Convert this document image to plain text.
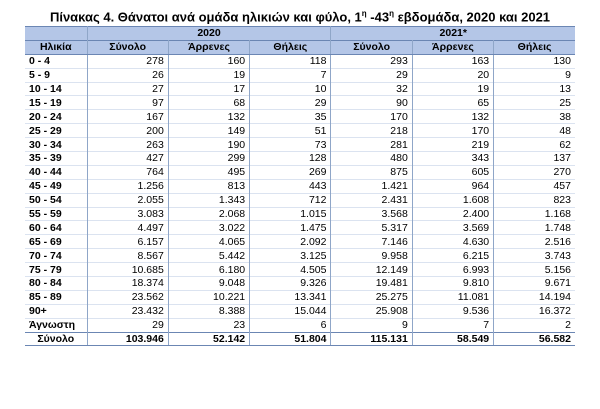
Πίνακας 4. Θάνατοι ανά ομάδα ηλικιών και φύλο, $1^\eta$ $-43^\eta$ εβδομάδα, 2020 και 2021
	2020			2021*		
Ηλικία	Σύνολο	Άρρενες	Θήλεις	Σύνολο	Άρρενες	Θήλεις
0 - 4	278	160	118	293	163	130
5 - 9	26	19	7	29	20	9
10 - 14	27	17	10	32	19	13
15 - 19	97	68	29	90	65	25
20 - 24	167	132	35	170	132	38
25 - 29	200	149	51	218	170	48
30 - 34	263	190	73	281	219	62
35 - 39	427	299	128	480	343	137
40 - 44	764	495	269	875	605	270
45 - 49	1.256	813	443	1.421	964	457
50 - 54	2.055	1.343	712	2.431	1.608	823
55 - 59	3.083	2.068	1.015	3.568	2.400	1.168
60 - 64	4.497	3.022	1.475	5.317	3.569	1.748
65 - 69	6.157	4.065	2.092	7.146	4.630	2.516
70 - 74	8.567	5.442	3.125	9.958	6.215	3.743
75 - 79	10.685	6.180	4.505	12.149	6.993	5.156
80 - 84	18.374	9.048	9.326	19.481	9.810	9.671
85 - 89	23.562	10.221	13.341	25.275	11.081	14.194
90+	23.432	8.388	15.044	25.908	9.536	16.372
Άγνωστη	29	23	6	9	7	2
Σύνολο	103.946	52.142	51.804	115.131	58.549	56.582
